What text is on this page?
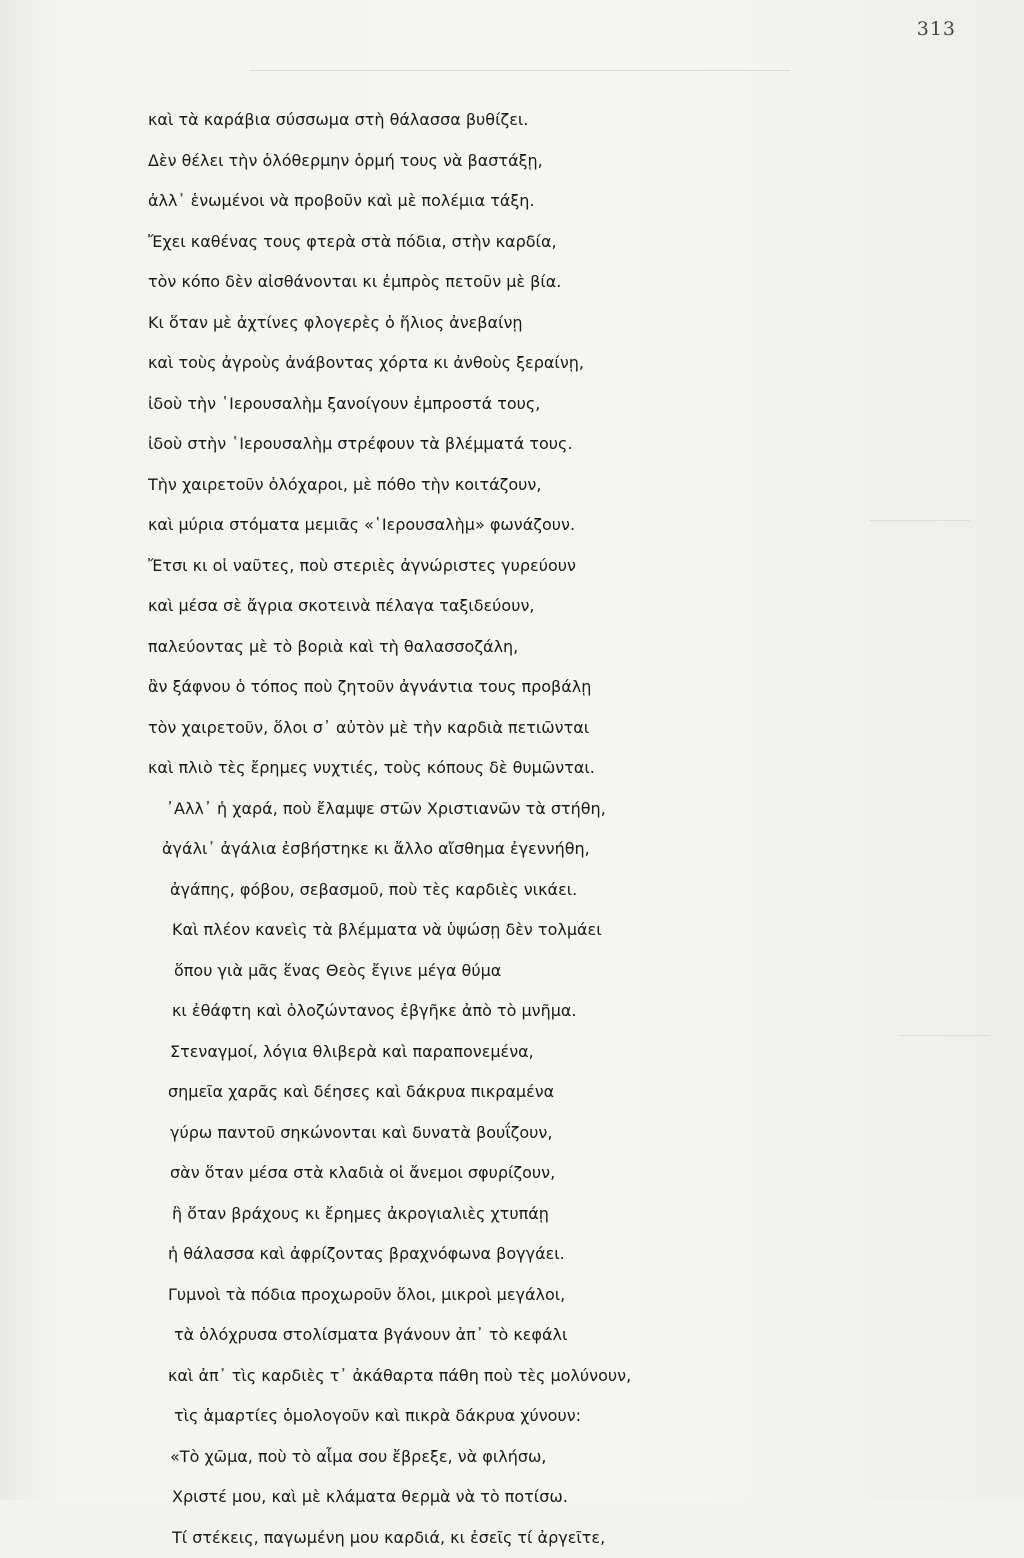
313
καὶ τὰ καράβια σύσσωμα στὴ θάλασσα βυθίζει.
Δὲν θέλει τὴν ὁλόθερμην ὁρμή τους νὰ βαστάξῃ,
ἀλλ᾽ ἑνωμένοι νὰ προβοῦν καὶ μὲ πολέμια τάξη.
Ἔχει καθένας τους φτερὰ στὰ πόδια, στὴν καρδία,
τὸν κόπο δὲν αἰσθάνονται κι ἐμπρὸς πετοῦν μὲ βία.
Κι ὅταν μὲ ἀχτίνες φλογερὲς ὁ ἥλιος ἀνεβαίνῃ
καὶ τοὺς ἀγροὺς ἀνάβοντας χόρτα κι ἀνθοὺς ξεραίνῃ,
ἰδοὺ τὴν ῾Ιερουσαλὴμ ξανοίγουν ἐμπροστά τους,
ἰδοὺ στὴν ῾Ιερουσαλὴμ στρέφουν τὰ βλέμματά τους.
Τὴν χαιρετοῦν ὁλόχαροι, μὲ πόθο τὴν κοιτάζουν,
καὶ μύρια στόματα μεμιᾶς «῾Ιερουσαλὴμ» φωνάζουν.
Ἔτσι κι οἱ ναῦτες, ποὺ στεριὲς ἀγνώριστες γυρεύουν
καὶ μέσα σὲ ἄγρια σκοτεινὰ πέλαγα ταξιδεύουν,
παλεύοντας μὲ τὸ βοριὰ καὶ τὴ θαλασσοζάλη,
ἂν ξάφνου ὁ τόπος ποὺ ζητοῦν ἀγνάντια τους προβάλῃ
τὸν χαιρετοῦν, ὅλοι σ᾽ αὐτὸν μὲ τὴν καρδιὰ πετιῶνται
καὶ πλιὸ τὲς ἔρημες νυχτιές, τοὺς κόπους δὲ θυμῶνται.
᾽Αλλ᾽ ἡ χαρά, ποὺ ἔλαμψε στῶν Χριστιανῶν τὰ στήθη,
ἀγάλι᾽ ἀγάλια ἐσβήστηκε κι ἄλλο αἴσθημα ἐγεννήθη,
ἀγάπης, φόβου, σεβασμοῦ, ποὺ τὲς καρδιὲς νικάει.
Καὶ πλέον κανεὶς τὰ βλέμματα νὰ ὑψώσῃ δὲν τολμάει
ὅπου γιὰ μᾶς ἕνας Θεὸς ἔγινε μέγα θύμα
κι ἐθάφτη καὶ ὁλοζώντανος ἐβγῆκε ἀπὸ τὸ μνῆμα.
Στεναγμοί, λόγια θλιβερὰ καὶ παραπονεμένα,
σημεῖα χαρᾶς καὶ δέησες καὶ δάκρυα πικραμένα
γύρω παντοῦ σηκώνονται καὶ δυνατὰ βουΐζουν,
σὰν ὅταν μέσα στὰ κλαδιὰ οἱ ἄνεμοι σφυρίζουν,
ἢ ὅταν βράχους κι ἔρημες ἀκρογιαλιὲς χτυπάῃ
ἡ θάλασσα καὶ ἀφρίζοντας βραχνόφωνα βογγάει.
Γυμνοὶ τὰ πόδια προχωροῦν ὅλοι, μικροὶ μεγάλοι,
τὰ ὁλόχρυσα στολίσματα βγάνουν ἀπ᾽ τὸ κεφάλι
καὶ ἀπ᾽ τὶς καρδιὲς τ᾽ ἀκάθαρτα πάθη ποὺ τὲς μολύνουν,
τὶς ἁμαρτίες ὁμολογοῦν καὶ πικρὰ δάκρυα χύνουν:
«Τὸ χῶμα, ποὺ τὸ αἷμα σου ἔβρεξε, νὰ φιλήσω,
Χριστέ μου, καὶ μὲ κλάματα θερμὰ νὰ τὸ ποτίσω.
Τί στέκεις, παγωμένη μου καρδιά, κι ἐσεῖς τί ἀργεῖτε,
